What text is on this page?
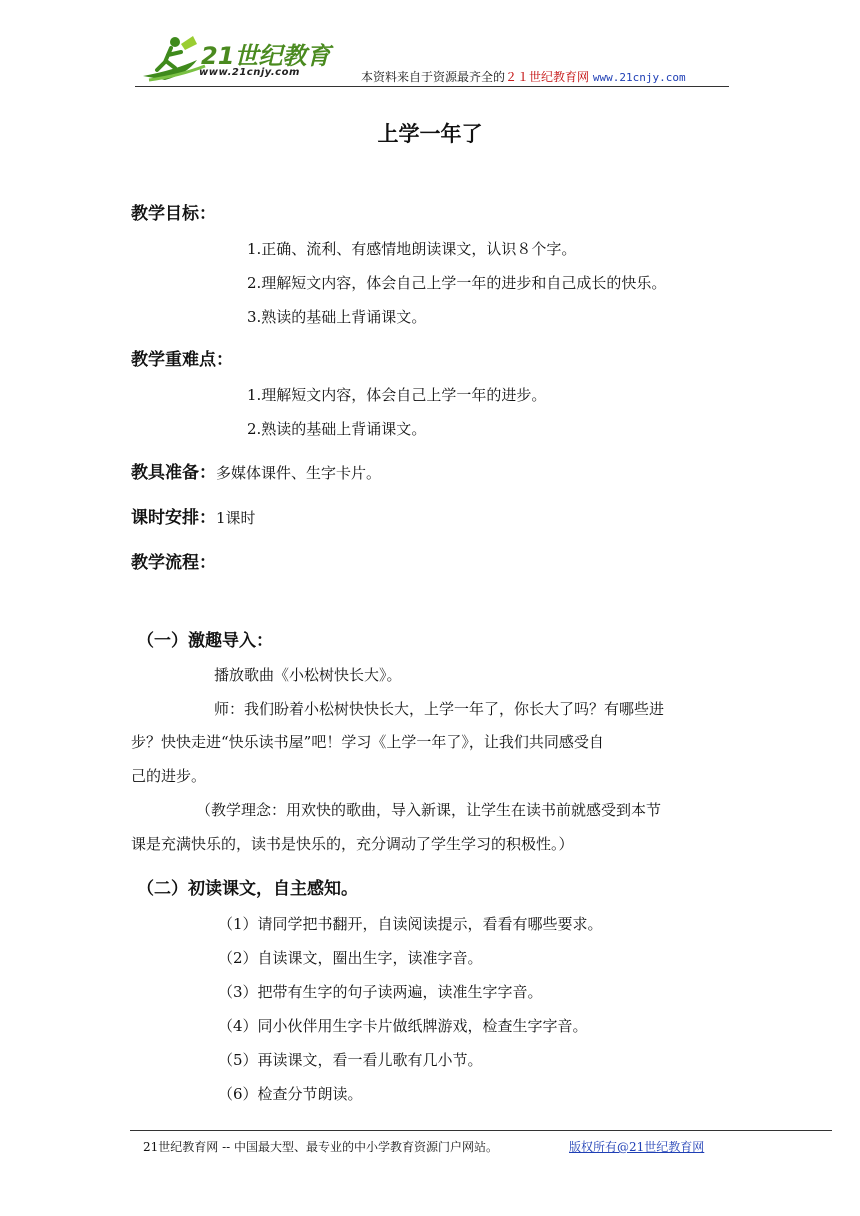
21世纪教育
www.21cnjy.com	本资料来自于资源最齐全的２１世纪教育网 www.21cnjy.com
上学一年了
教学目标：
1.正确、流利、有感情地朗读课文，认识８个字。
2.理解短文内容，体会自己上学一年的进步和自己成长的快乐。
3.熟读的基础上背诵课文。
教学重难点：
1.理解短文内容，体会自己上学一年的进步。
2.熟读的基础上背诵课文。
教具准备：多媒体课件、生字卡片。
课时安排：1课时
教学流程：
（一）激趣导入：
播放歌曲《小松树快长大》。
师：我们盼着小松树快快长大，上学一年了，你长大了吗？有哪些进
步？快快走进“快乐读书屋”吧！学习《上学一年了》，让我们共同感受自
己的进步。
（教学理念：用欢快的歌曲，导入新课，让学生在读书前就感受到本节
课是充满快乐的，读书是快乐的，充分调动了学生学习的积极性。）
（二）初读课文，自主感知。
（1）请同学把书翻开，自读阅读提示，看看有哪些要求。
（2）自读课文，圈出生字，读准字音。
（3）把带有生字的句子读两遍，读准生字字音。
（4）同小伙伴用生字卡片做纸牌游戏，检查生字字音。
（5）再读课文，看一看儿歌有几小节。
（6）检查分节朗读。
21世纪教育网 -- 中国最大型、最专业的中小学教育资源门户网站。	版权所有@21世纪教育网
